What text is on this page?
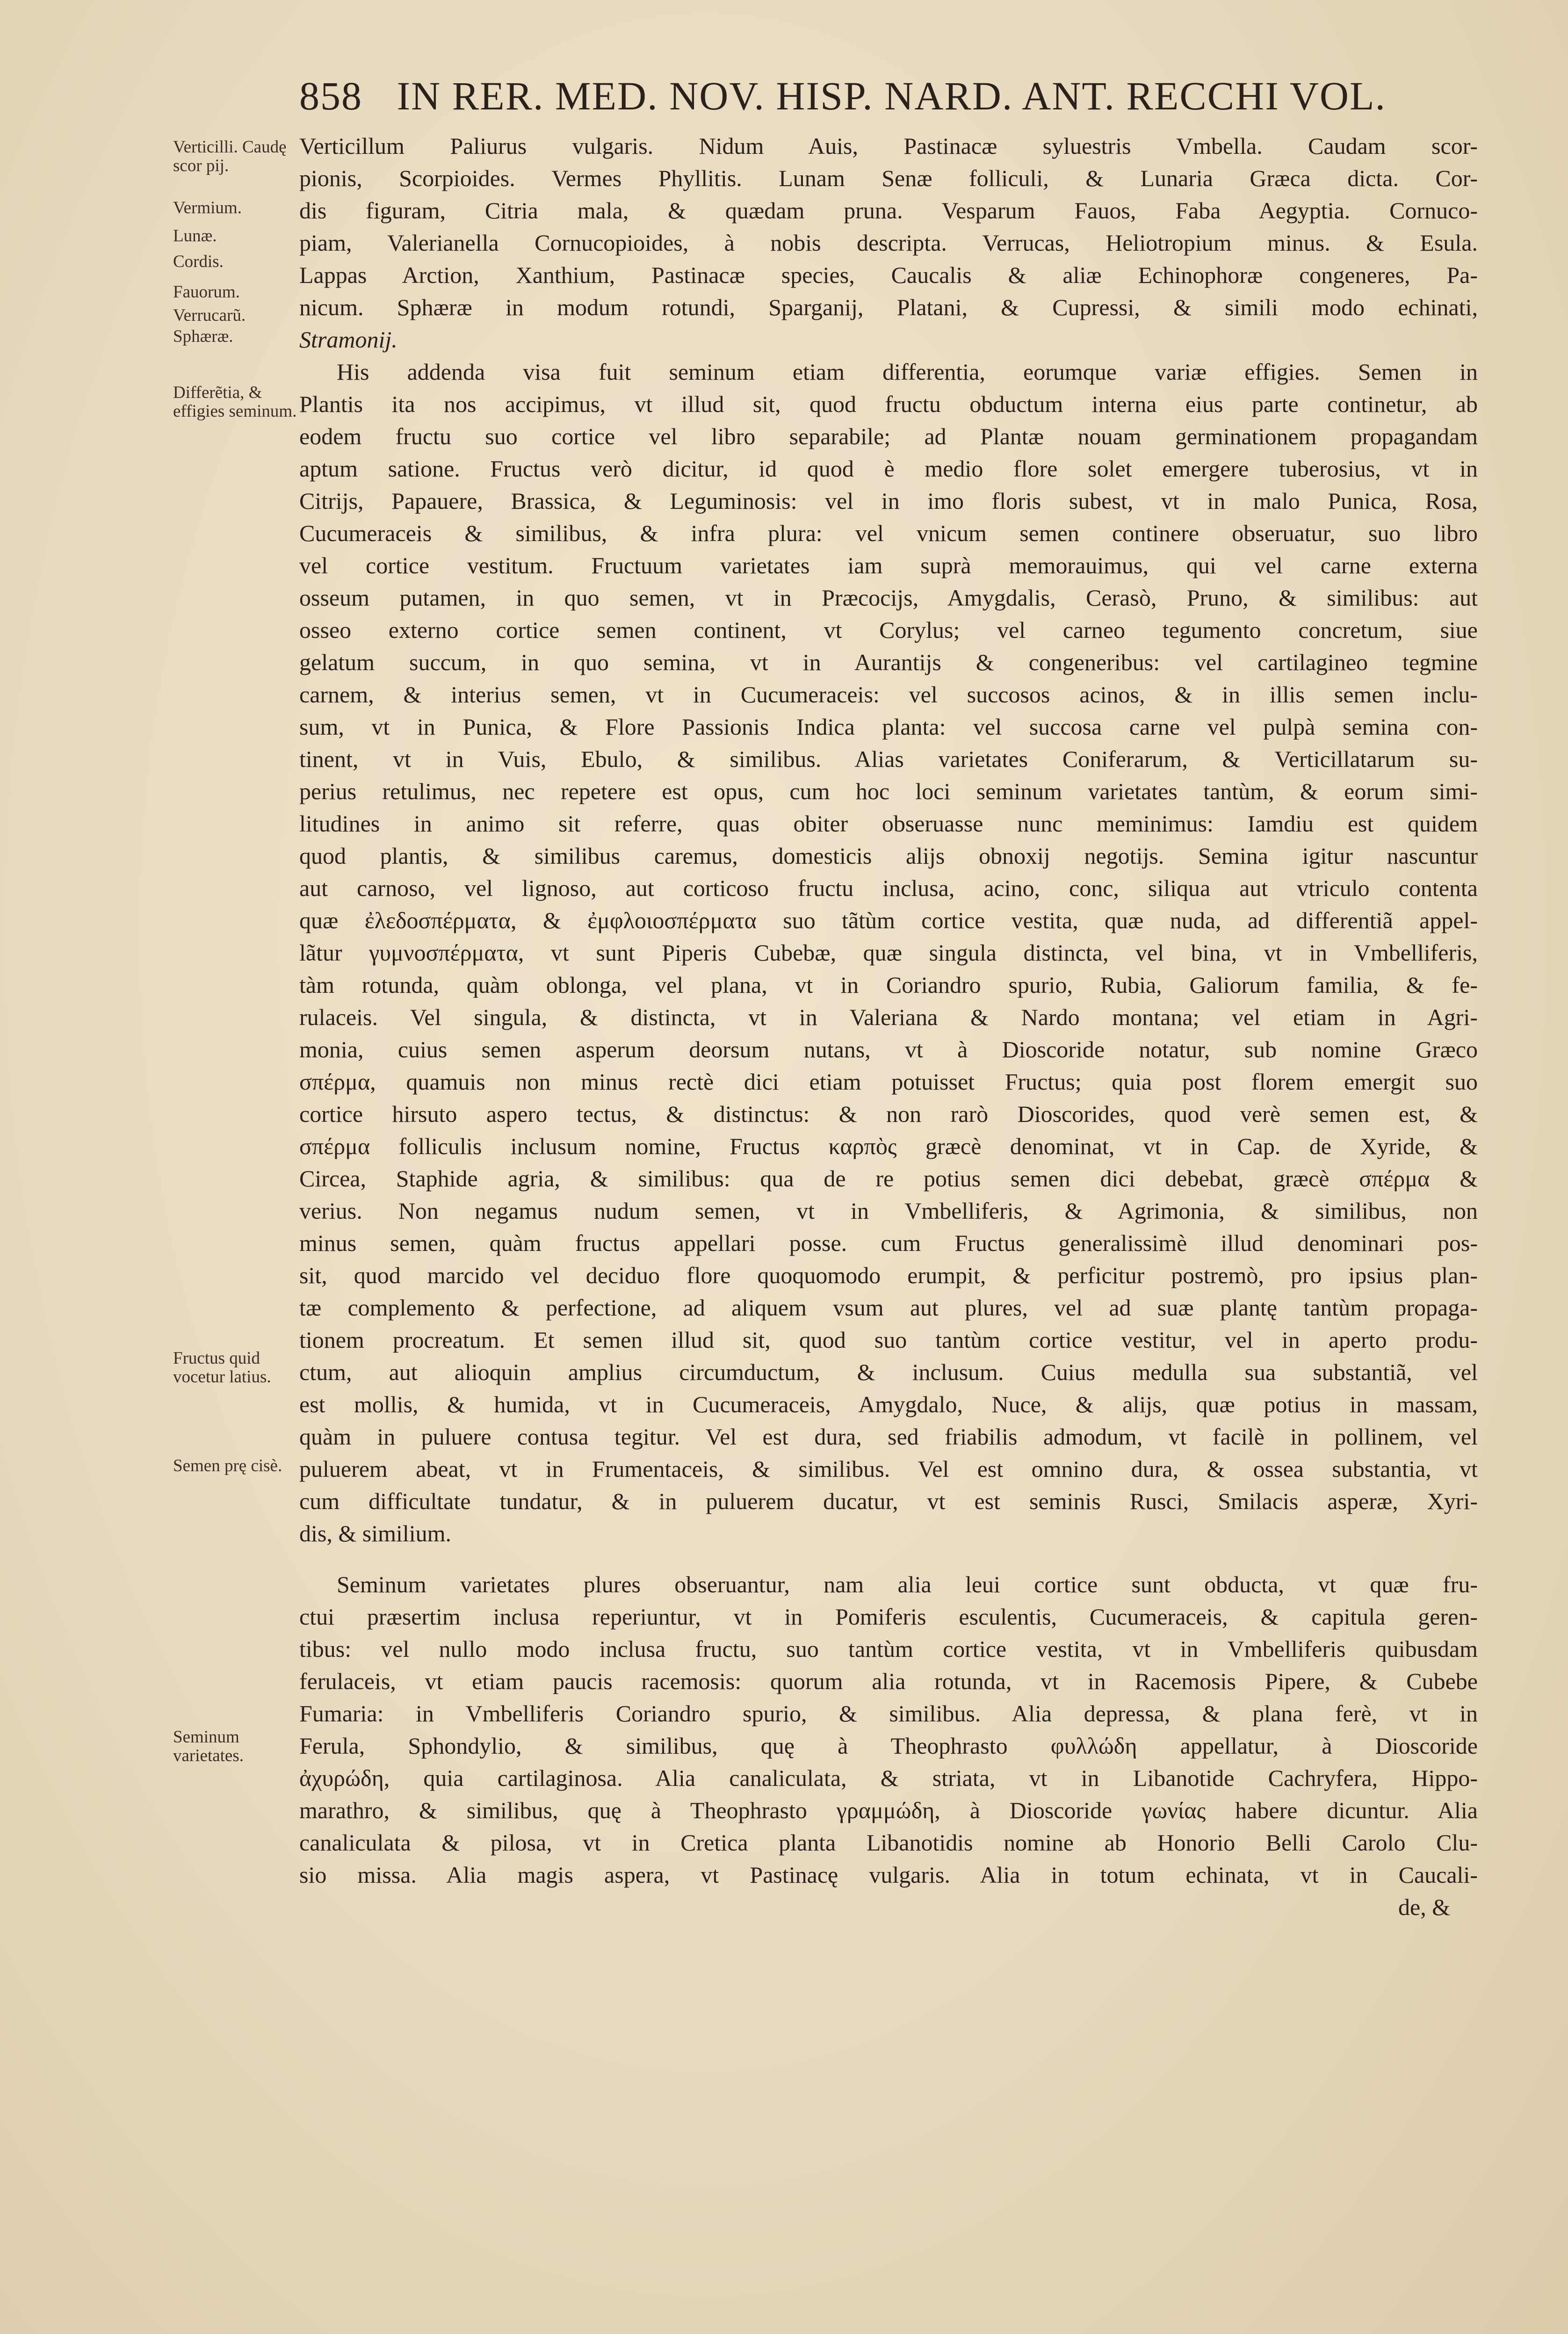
858 IN RER. MED. NOV. HISP. NARD. ANT. RECCHI VOL.
Verticilli. Caudę scor pij.
Vermium.
Lunæ.
Cordis.
Fauorum.
Verrucarũ.
Sphæræ.
Differẽtia, & effigies seminum.
Fructus quid vocetur latius.
Semen prę cisè.
Seminum varietates.
Verticillum Paliurus vulgaris. Nidum Auis, Pastinacæ syluestris Vmbella. Caudam scor-
pionis, Scorpioides. Vermes Phyllitis. Lunam Senæ folliculi, & Lunaria Græca dicta. Cor-
dis figuram, Citria mala, & quædam pruna. Vesparum Fauos, Faba Aegyptia. Cornuco-
piam, Valerianella Cornucopioides, à nobis descripta. Verrucas, Heliotropium minus. & Esula.
Lappas Arction, Xanthium, Pastinacæ species, Caucalis & aliæ Echinophoræ congeneres, Pa-
nicum. Sphæræ in modum rotundi, Sparganij, Platani, & Cupressi, & simili modo echinati,
Stramonij.
His addenda visa fuit seminum etiam differentia, eorumque variæ effigies. Semen in
Plantis ita nos accipimus, vt illud sit, quod fructu obductum interna eius parte continetur, ab
eodem fructu suo cortice vel libro separabile; ad Plantæ nouam germinationem propagandam
aptum satione. Fructus verò dicitur, id quod è medio flore solet emergere tuberosius, vt in
Citrijs, Papauere, Brassica, & Leguminosis: vel in imo floris subest, vt in malo Punica, Rosa,
Cucumeraceis & similibus, & infra plura: vel vnicum semen continere obseruatur, suo libro
vel cortice vestitum. Fructuum varietates iam suprà memorauimus, qui vel carne externa
osseum putamen, in quo semen, vt in Præcocijs, Amygdalis, Cerasò, Pruno, & similibus: aut
osseo externo cortice semen continent, vt Corylus; vel carneo tegumento concretum, siue
gelatum succum, in quo semina, vt in Aurantijs & congeneribus: vel cartilagineo tegmine
carnem, & interius semen, vt in Cucumeraceis: vel succosos acinos, & in illis semen inclu-
sum, vt in Punica, & Flore Passionis Indica planta: vel succosa carne vel pulpà semina con-
tinent, vt in Vuis, Ebulo, & similibus. Alias varietates Coniferarum, & Verticillatarum su-
perius retulimus, nec repetere est opus, cum hoc loci seminum varietates tantùm, & eorum simi-
litudines in animo sit referre, quas obiter obseruasse nunc meminimus: Iamdiu est quidem
quod plantis, & similibus caremus, domesticis alijs obnoxij negotijs. Semina igitur nascuntur
aut carnoso, vel lignoso, aut corticoso fructu inclusa, acino, conc, siliqua aut vtriculo contenta
quæ ἐλεδοσπέρματα, & ἐμφλοιοσπέρματα suo tãtùm cortice vestita, quæ nuda, ad differentiã appel-
lãtur γυμνοσπέρματα, vt sunt Piperis Cubebæ, quæ singula distincta, vel bina, vt in Vmbelliferis,
tàm rotunda, quàm oblonga, vel plana, vt in Coriandro spurio, Rubia, Galiorum familia, & fe-
rulaceis. Vel singula, & distincta, vt in Valeriana & Nardo montana; vel etiam in Agri-
monia, cuius semen asperum deorsum nutans, vt à Dioscoride notatur, sub nomine Græco
σπέρμα, quamuis non minus rectè dici etiam potuisset Fructus; quia post florem emergit suo
cortice hirsuto aspero tectus, & distinctus: & non rarò Dioscorides, quod verè semen est, &
σπέρμα folliculis inclusum nomine, Fructus καρπὸς græcè denominat, vt in Cap. de Xyride, &
Circea, Staphide agria, & similibus: qua de re potius semen dici debebat, græcè σπέρμα &
verius. Non negamus nudum semen, vt in Vmbelliferis, & Agrimonia, & similibus, non
minus semen, quàm fructus appellari posse. cum Fructus generalissimè illud denominari pos-
sit, quod marcido vel deciduo flore quoquomodo erumpit, & perficitur postremò, pro ipsius plan-
tæ complemento & perfectione, ad aliquem vsum aut plures, vel ad suæ plantę tantùm propaga-
tionem procreatum. Et semen illud sit, quod suo tantùm cortice vestitur, vel in aperto produ-
ctum, aut alioquin amplius circumductum, & inclusum. Cuius medulla sua substantiã, vel
est mollis, & humida, vt in Cucumeraceis, Amygdalo, Nuce, & alijs, quæ potius in massam,
quàm in puluere contusa tegitur. Vel est dura, sed friabilis admodum, vt facilè in pollinem, vel
puluerem abeat, vt in Frumentaceis, & similibus. Vel est omnino dura, & ossea substantia, vt
cum difficultate tundatur, & in puluerem ducatur, vt est seminis Rusci, Smilacis asperæ, Xyri-
dis, & similium.
Seminum varietates plures obseruantur, nam alia leui cortice sunt obducta, vt quæ fru-
ctui præsertim inclusa reperiuntur, vt in Pomiferis esculentis, Cucumeraceis, & capitula geren-
tibus: vel nullo modo inclusa fructu, suo tantùm cortice vestita, vt in Vmbelliferis quibusdam
ferulaceis, vt etiam paucis racemosis: quorum alia rotunda, vt in Racemosis Pipere, & Cubebe
Fumaria: in Vmbelliferis Coriandro spurio, & similibus. Alia depressa, & plana ferè, vt in
Ferula, Sphondylio, & similibus, quę à Theophrasto φυλλώδη appellatur, à Dioscoride
ἀχυρώδη, quia cartilaginosa. Alia canaliculata, & striata, vt in Libanotide Cachryfera, Hippo-
marathro, & similibus, quę à Theophrasto γραμμώδη, à Dioscoride γωνίας habere dicuntur. Alia
canaliculata & pilosa, vt in Cretica planta Libanotidis nomine ab Honorio Belli Carolo Clu-
sio missa. Alia magis aspera, vt Pastinacę vulgaris. Alia in totum echinata, vt in Caucali-
de, &
